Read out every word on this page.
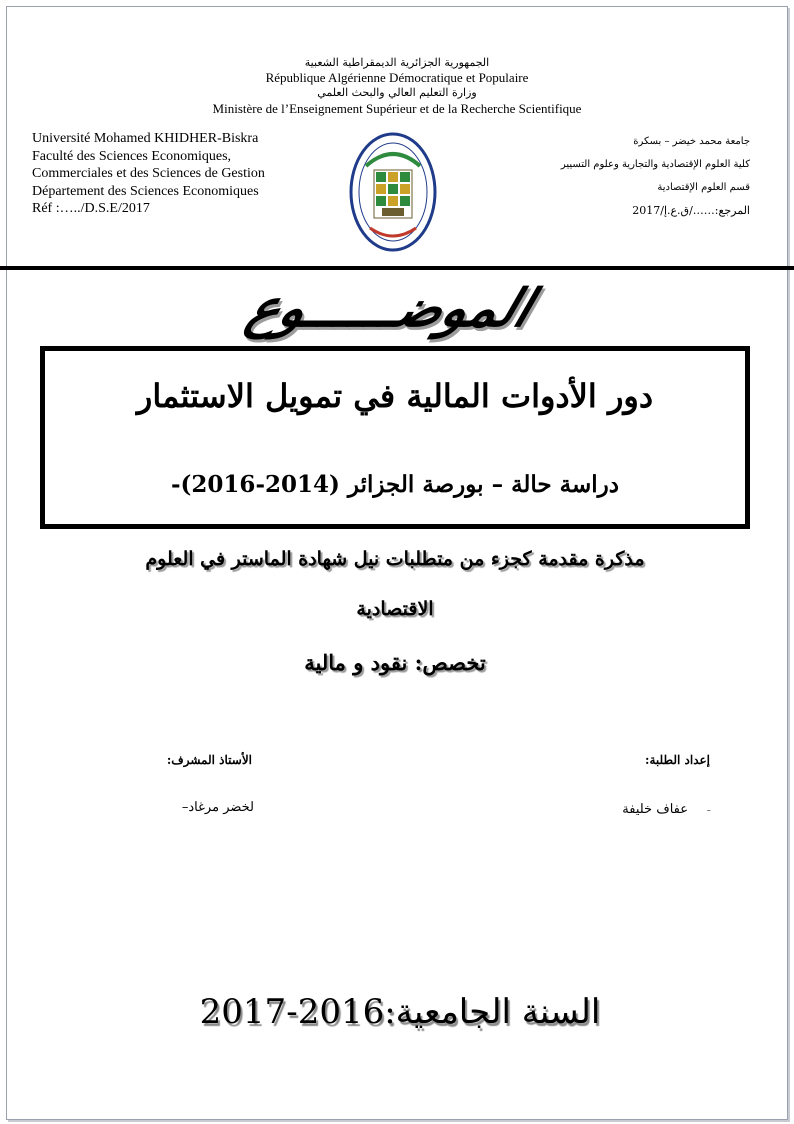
الجمهورية الجزائرية الديمقراطية الشعبية
République Algérienne Démocratique et Populaire
وزارة التعليم العالي والبحث العلمي
Ministère de l’Enseignement Supérieur et de la Recherche Scientifique
Université Mohamed KHIDHER-Biskra
Faculté des Sciences Economiques,
Commerciales et des Sciences de Gestion
Département des Sciences Economiques
Réf :…../D.S.E/2017
جامعة محمد خيضر – بسكرة
كلية العلوم الإقتصادية والتجارية وعلوم التسيير
قسم العلوم الإقتصادية
المرجع:……/ق.ع.إ/2017
الموضــــــوع
دور الأدوات المالية في تمويل الاستثمار
دراسة حالة – بورصة الجزائر (2014-2016)-
مذكرة مقدمة كجزء من متطلبات نيل شهادة الماستر في العلوم
الاقتصادية
تخصص: نقود و مالية
إعداد الطلبة:
الأستاذ المشرف:
-
عفاف خليفة
لخضر مرغاد–
السنة الجامعية:2016-2017
